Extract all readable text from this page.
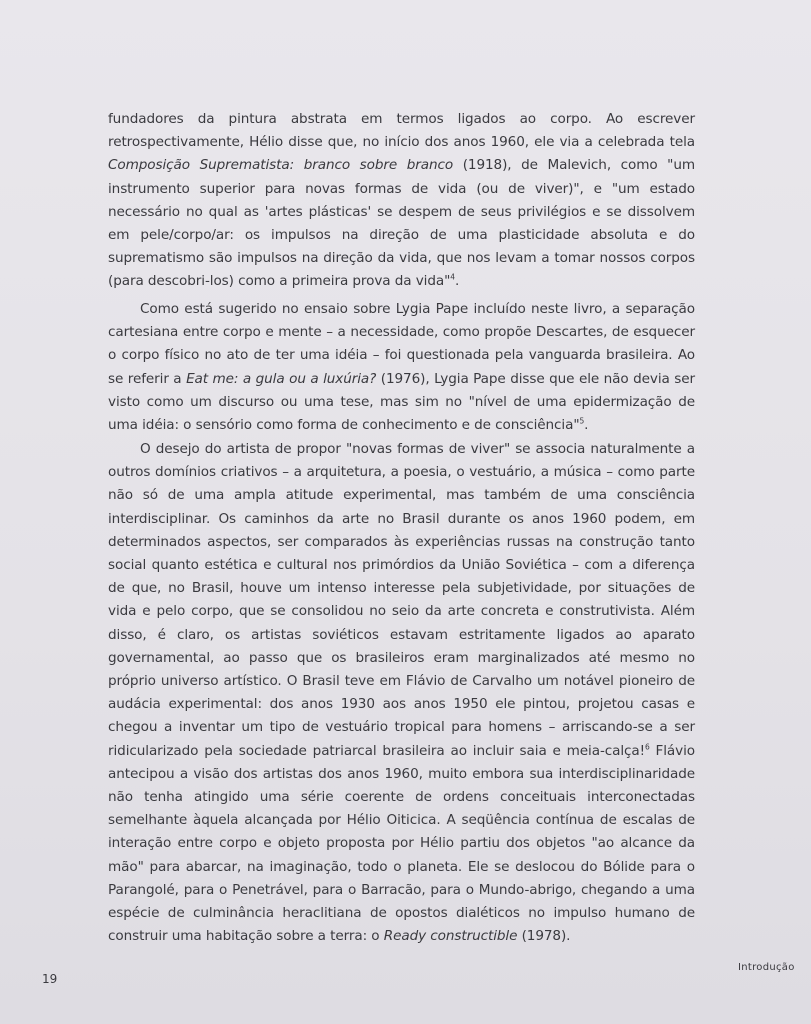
fundadores da pintura abstrata em termos ligados ao corpo. Ao escrever retrospectivamente, Hélio disse que, no início dos anos 1960, ele via a celebrada tela Composição Suprematista: branco sobre branco (1918), de Malevich, como "um instrumento superior para novas formas de vida (ou de viver)", e "um estado necessário no qual as 'artes plásticas' se despem de seus privilégios e se dissolvem em pele/corpo/ar: os impulsos na direção de uma plasticidade absoluta e do suprematismo são impulsos na direção da vida, que nos levam a tomar nossos corpos (para descobri-los) como a primeira prova da vida"$^4$.

Como está sugerido no ensaio sobre Lygia Pape incluído neste livro, a separação cartesiana entre corpo e mente – a necessidade, como propõe Descartes, de esquecer o corpo físico no ato de ter uma idéia – foi questionada pela vanguarda brasileira. Ao se referir a Eat me: a gula ou a luxúria? (1976), Lygia Pape disse que ele não devia ser visto como um discurso ou uma tese, mas sim no "nível de uma epidermização de uma idéia: o sensório como forma de conhecimento e de consciência"$^5$.

O desejo do artista de propor "novas formas de viver" se associa naturalmente a outros domínios criativos – a arquitetura, a poesia, o vestuário, a música – como parte não só de uma ampla atitude experimental, mas também de uma consciência interdisciplinar. Os caminhos da arte no Brasil durante os anos 1960 podem, em determinados aspectos, ser comparados às experiências russas na construção tanto social quanto estética e cultural nos primórdios da União Soviética – com a diferença de que, no Brasil, houve um intenso interesse pela subjetividade, por situações de vida e pelo corpo, que se consolidou no seio da arte concreta e construtivista. Além disso, é claro, os artistas soviéticos estavam estritamente ligados ao aparato governamental, ao passo que os brasileiros eram marginalizados até mesmo no próprio universo artístico. O Brasil teve em Flávio de Carvalho um notável pioneiro de audácia experimental: dos anos 1930 aos anos 1950 ele pintou, projetou casas e chegou a inventar um tipo de vestuário tropical para homens – arriscando-se a ser ridicularizado pela sociedade patriarcal brasileira ao incluir saia e meia-calça!$^6$ Flávio antecipou a visão dos artistas dos anos 1960, muito embora sua interdisciplinaridade não tenha atingido uma série coerente de ordens conceituais interconectadas semelhante àquela alcançada por Hélio Oiticica. A seqüência contínua de escalas de interação entre corpo e objeto proposta por Hélio partiu dos objetos "ao alcance da mão" para abarcar, na imaginação, todo o planeta. Ele se deslocou do Bólide para o Parangolé, para o Penetrável, para o Barracão, para o Mundo-abrigo, chegando a uma espécie de culminância heraclitiana de opostos dialéticos no impulso humano de construir uma habitação sobre a terra: o Ready constructible (1978).

19
Introdução
